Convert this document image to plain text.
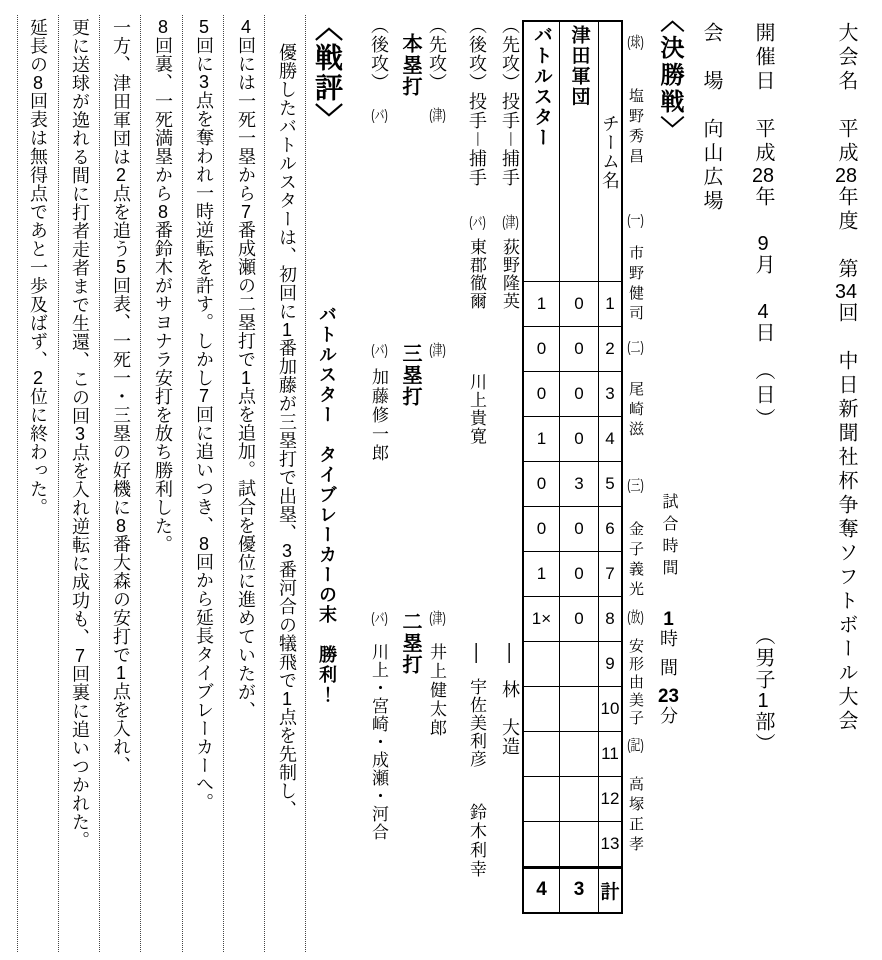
大会名　平成28年度　第34回　中日新聞社杯争奪ソフトボール大会
開催日　平成28年　9月　4日　（日）
（男子1部）
会　場　向山広場
〈決勝戦〉
試合時間
1時間23分
(球)
塩野秀昌
(一)
市野健司
(二)
尾崎滋
(三)
金子義光
(放)
安形由美子
(記)
高塚正孝
バトルスター
1
0
0
1
0
0
1
1×
4
津田軍団
0
0
0
0
3
0
0
0
3
チーム名
1
2
3
4
5
6
7
8
9
10
11
12
13
計
（先攻）投手－捕手
(津)
荻野隆英
―
林　大造
（後攻）投手－捕手
(バ)
東郡徹爾
川上貴寛
―
宇佐美利彦
鈴木利幸
（先攻）
（後攻）
(津)
本塁打
(バ)
(津)
三塁打
(バ)
加藤修一郎
(津)
二塁打
(バ)
井上健太郎
川上・宮崎・成瀬・河合
〈戦評〉
バトルスター　タイブレーカーの末　勝利！
優勝したバトルスターは、初回に1番加藤が三塁打で出塁、3番河合の犠飛で1点を先制し、
4回には一死一塁から7番成瀬の二塁打で1点を追加。試合を優位に進めていたが、
5回に3点を奪われ一時逆転を許す。しかし7回に追いつき、8回から延長タイブレーカーへ。
8回裏、一死満塁から8番鈴木がサヨナラ安打を放ち勝利した。
一方、津田軍団は2点を追う5回表、一死一・三塁の好機に8番大森の安打で1点を入れ、
更に送球が逸れる間に打者走者まで生還、この回3点を入れ逆転に成功も、7回裏に追いつかれた。
延長の8回表は無得点であと一歩及ばず、2位に終わった。
